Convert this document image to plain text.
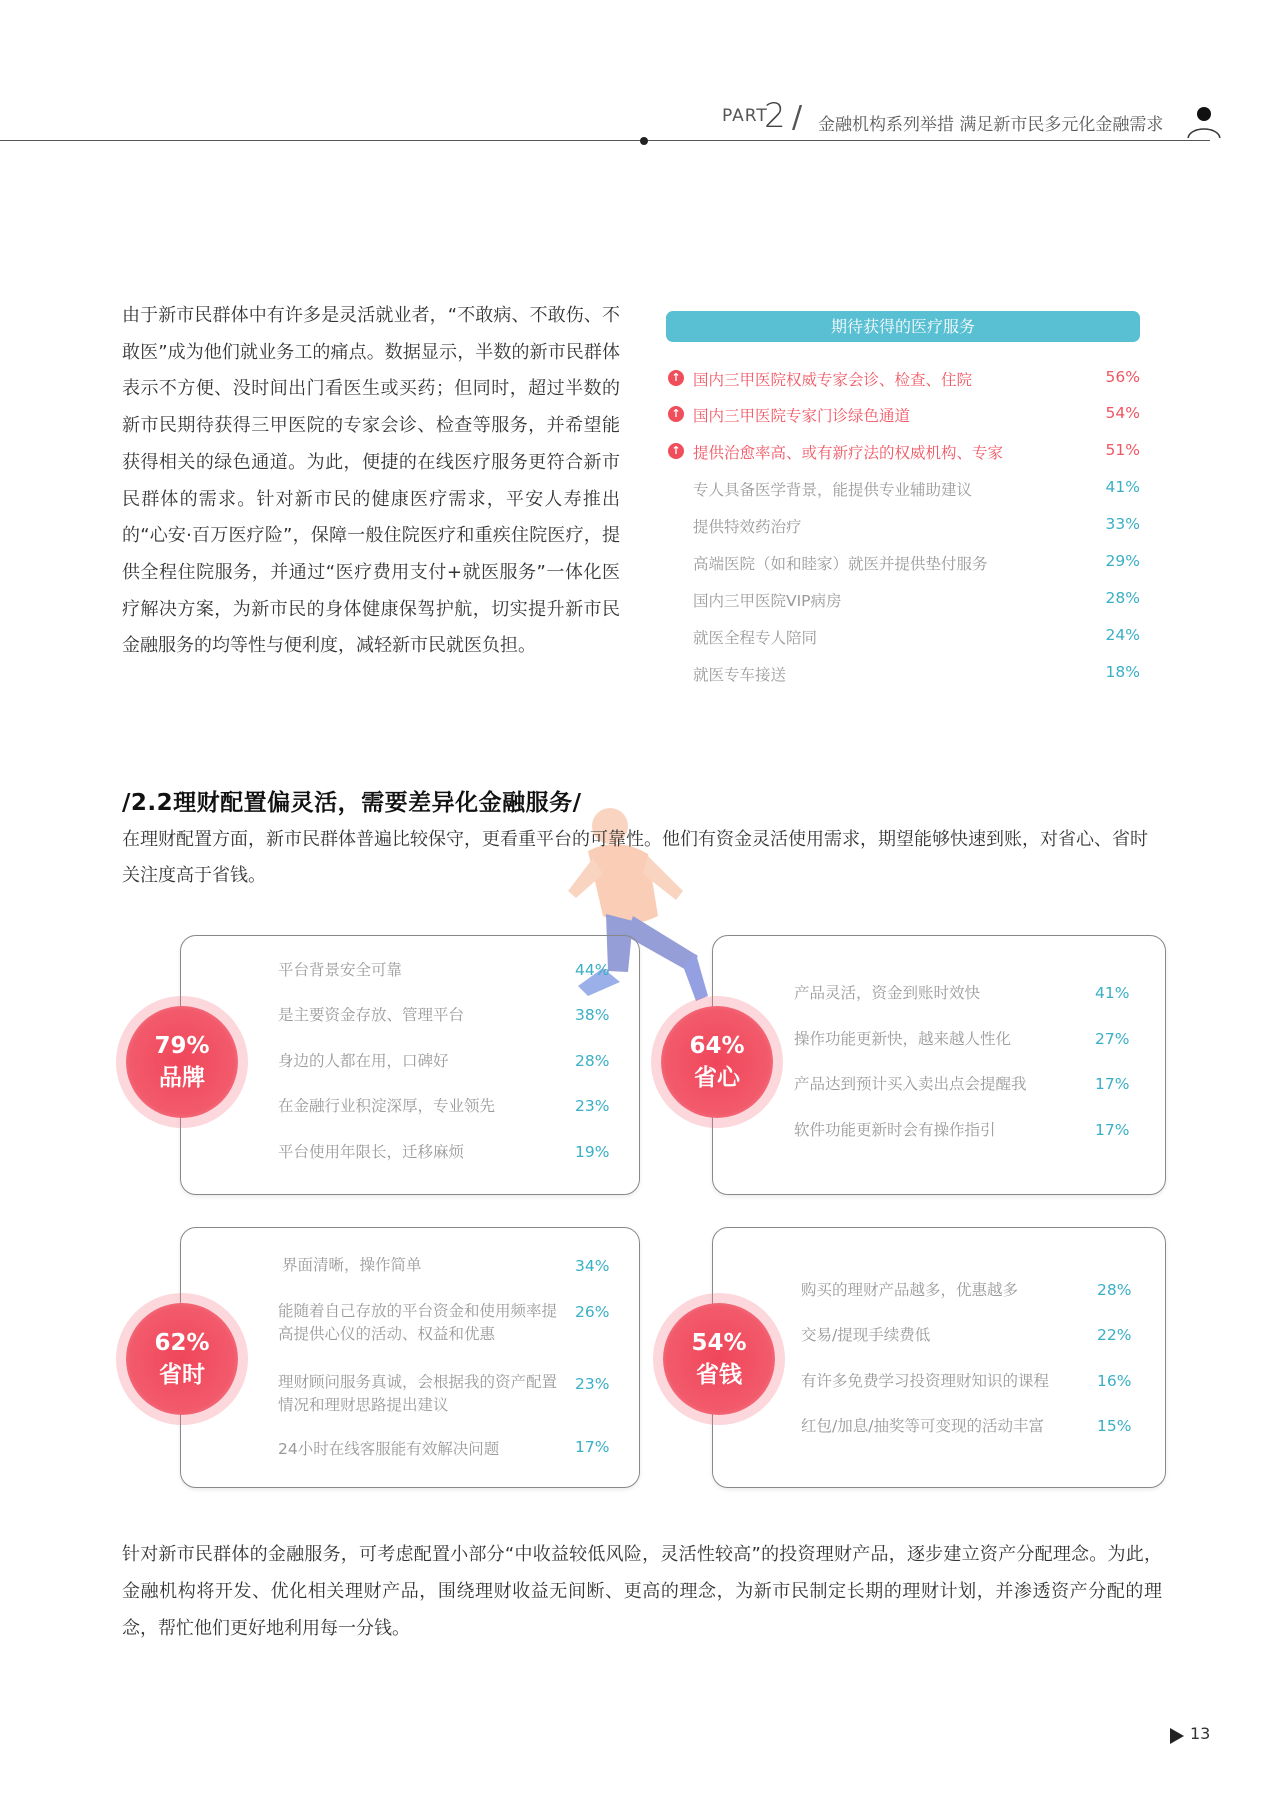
PART
2 / 金融机构系列举措 满足新市民多元化金融需求
由于新市民群体中有许多是灵活就业者，“不敢病、不敢伤、不敢医”成为他们就业务工的痛点。数据显示，半数的新市民群体表示不方便、没时间出门看医生或买药；但同时，超过半数的新市民期待获得三甲医院的专家会诊、检查等服务，并希望能获得相关的绿色通道。为此，便捷的在线医疗服务更符合新市民群体的需求。针对新市民的健康医疗需求，平安人寿推出的“心安·百万医疗险”，保障一般住院医疗和重疾住院医疗，提供全程住院服务，并通过“医疗费用支付+就医服务”一体化医疗解决方案，为新市民的身体健康保驾护航，切实提升新市民金融服务的均等性与便利度，减轻新市民就医负担。
期待获得的医疗服务
↑ 国内三甲医院权威专家会诊、检查、住院	56%
↑ 国内三甲医院专家门诊绿色通道	54%
↑ 提供治愈率高、或有新疗法的权威机构、专家	51%
专人具备医学背景，能提供专业辅助建议	41%
提供特效药治疗	33%
高端医院（如和睦家）就医并提供垫付服务	29%
国内三甲医院VIP病房	28%
就医全程专人陪同	24%
就医专车接送	18%
/2.2理财配置偏灵活，需要差异化金融服务/
在理财配置方面，新市民群体普遍比较保守，更看重平台的可靠性。他们有资金灵活使用需求，期望能够快速到账，对省心、省时关注度高于省钱。
79%
品牌
平台背景安全可靠	44%
是主要资金存放、管理平台	38%
身边的人都在用，口碑好	28%
在金融行业积淀深厚，专业领先	23%
平台使用年限长，迁移麻烦	19%
64%
省心
产品灵活，资金到账时效快	41%
操作功能更新快，越来越人性化	27%
产品达到预计买入卖出点会提醒我	17%
软件功能更新时会有操作指引	17%
62%
省时
界面清晰，操作简单	34%
能随着自己存放的平台资金和使用频率提高提供心仪的活动、权益和优惠
26%
理财顾问服务真诚，会根据我的资产配置情况和理财思路提出建议
23%
24小时在线客服能有效解决问题	17%
54%
省钱
购买的理财产品越多，优惠越多	28%
交易/提现手续费低	22%
有许多免费学习投资理财知识的课程	16%
红包/加息/抽奖等可变现的活动丰富	15%
针对新市民群体的金融服务，可考虑配置小部分“中收益较低风险，灵活性较高”的投资理财产品，逐步建立资产分配理念。为此，金融机构将开发、优化相关理财产品，围绕理财收益无间断、更高的理念，为新市民制定长期的理财计划，并渗透资产分配的理念，帮忙他们更好地利用每一分钱。
13
